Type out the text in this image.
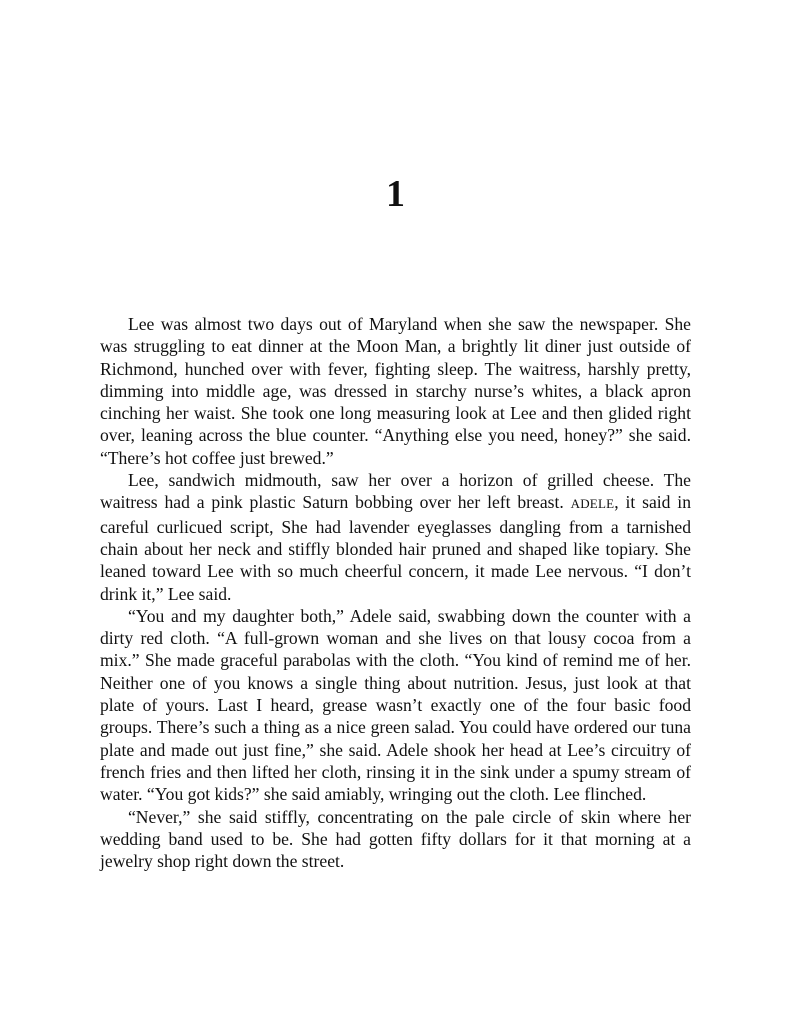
1

Lee was almost two days out of Maryland when she saw the newspaper. She was struggling to eat dinner at the Moon Man, a brightly lit diner just outside of Richmond, hunched over with fever, fighting sleep. The waitress, harshly pretty, dimming into middle age, was dressed in starchy nurse’s whites, a black apron cinching her waist. She took one long measuring look at Lee and then glided right over, leaning across the blue counter. “Anything else you need, honey?” she said. “There’s hot coffee just brewed.”

Lee, sandwich midmouth, saw her over a horizon of grilled cheese. The waitress had a pink plastic Saturn bobbing over her left breast. ADELE, it said in careful curlicued script, She had lavender eyeglasses dangling from a tarnished chain about her neck and stiffly blonded hair pruned and shaped like topiary. She leaned toward Lee with so much cheerful concern, it made Lee nervous. “I don’t drink it,” Lee said.

“You and my daughter both,” Adele said, swabbing down the counter with a dirty red cloth. “A full-grown woman and she lives on that lousy cocoa from a mix.” She made graceful parabolas with the cloth. “You kind of remind me of her. Neither one of you knows a single thing about nutrition. Jesus, just look at that plate of yours. Last I heard, grease wasn’t exactly one of the four basic food groups. There’s such a thing as a nice green salad. You could have ordered our tuna plate and made out just fine,” she said. Adele shook her head at Lee’s circuitry of french fries and then lifted her cloth, rinsing it in the sink under a spumy stream of water. “You got kids?” she said amiably, wringing out the cloth. Lee flinched.

“Never,” she said stiffly, concentrating on the pale circle of skin where her wedding band used to be. She had gotten fifty dollars for it that morning at a jewelry shop right down the street.
